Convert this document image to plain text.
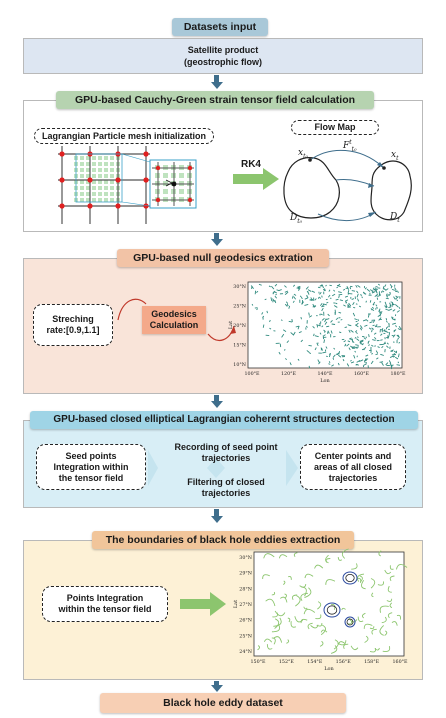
Datasets input
Satellite product
(geostrophic flow)
GPU-based Cauchy-Green strain tensor field calculation
Lagrangian Particle mesh initialization
Flow Map
RK4
$x_{t_0}$
$F^t_{t_0}$
$x_t$
$D_{t_0}$	$D_t$
GPU-based null geodesics extration
Streching
rate:[0.9,1.1]
Geodesics
Calculation
30°N
25°N
20°N
15°N
10°N
100°E	120°E	140°E	160°E	180°E
Lon
Lat
GPU-based closed elliptical Lagrangian coherernt structures dectection
Seed points
Integration within
the tensor field
Recording of seed point
trajectories
Filtering of closed
trajectories
Center points and
areas of all closed
trajectories
The boundaries of black hole eddies extraction
Points Integration
within the tensor field
30°N
29°N
28°N
27°N
26°N
25°N
24°N
150°E	152°E	154°E	156°E	158°E	160°E
Lon
Lat
Black hole eddy dataset
